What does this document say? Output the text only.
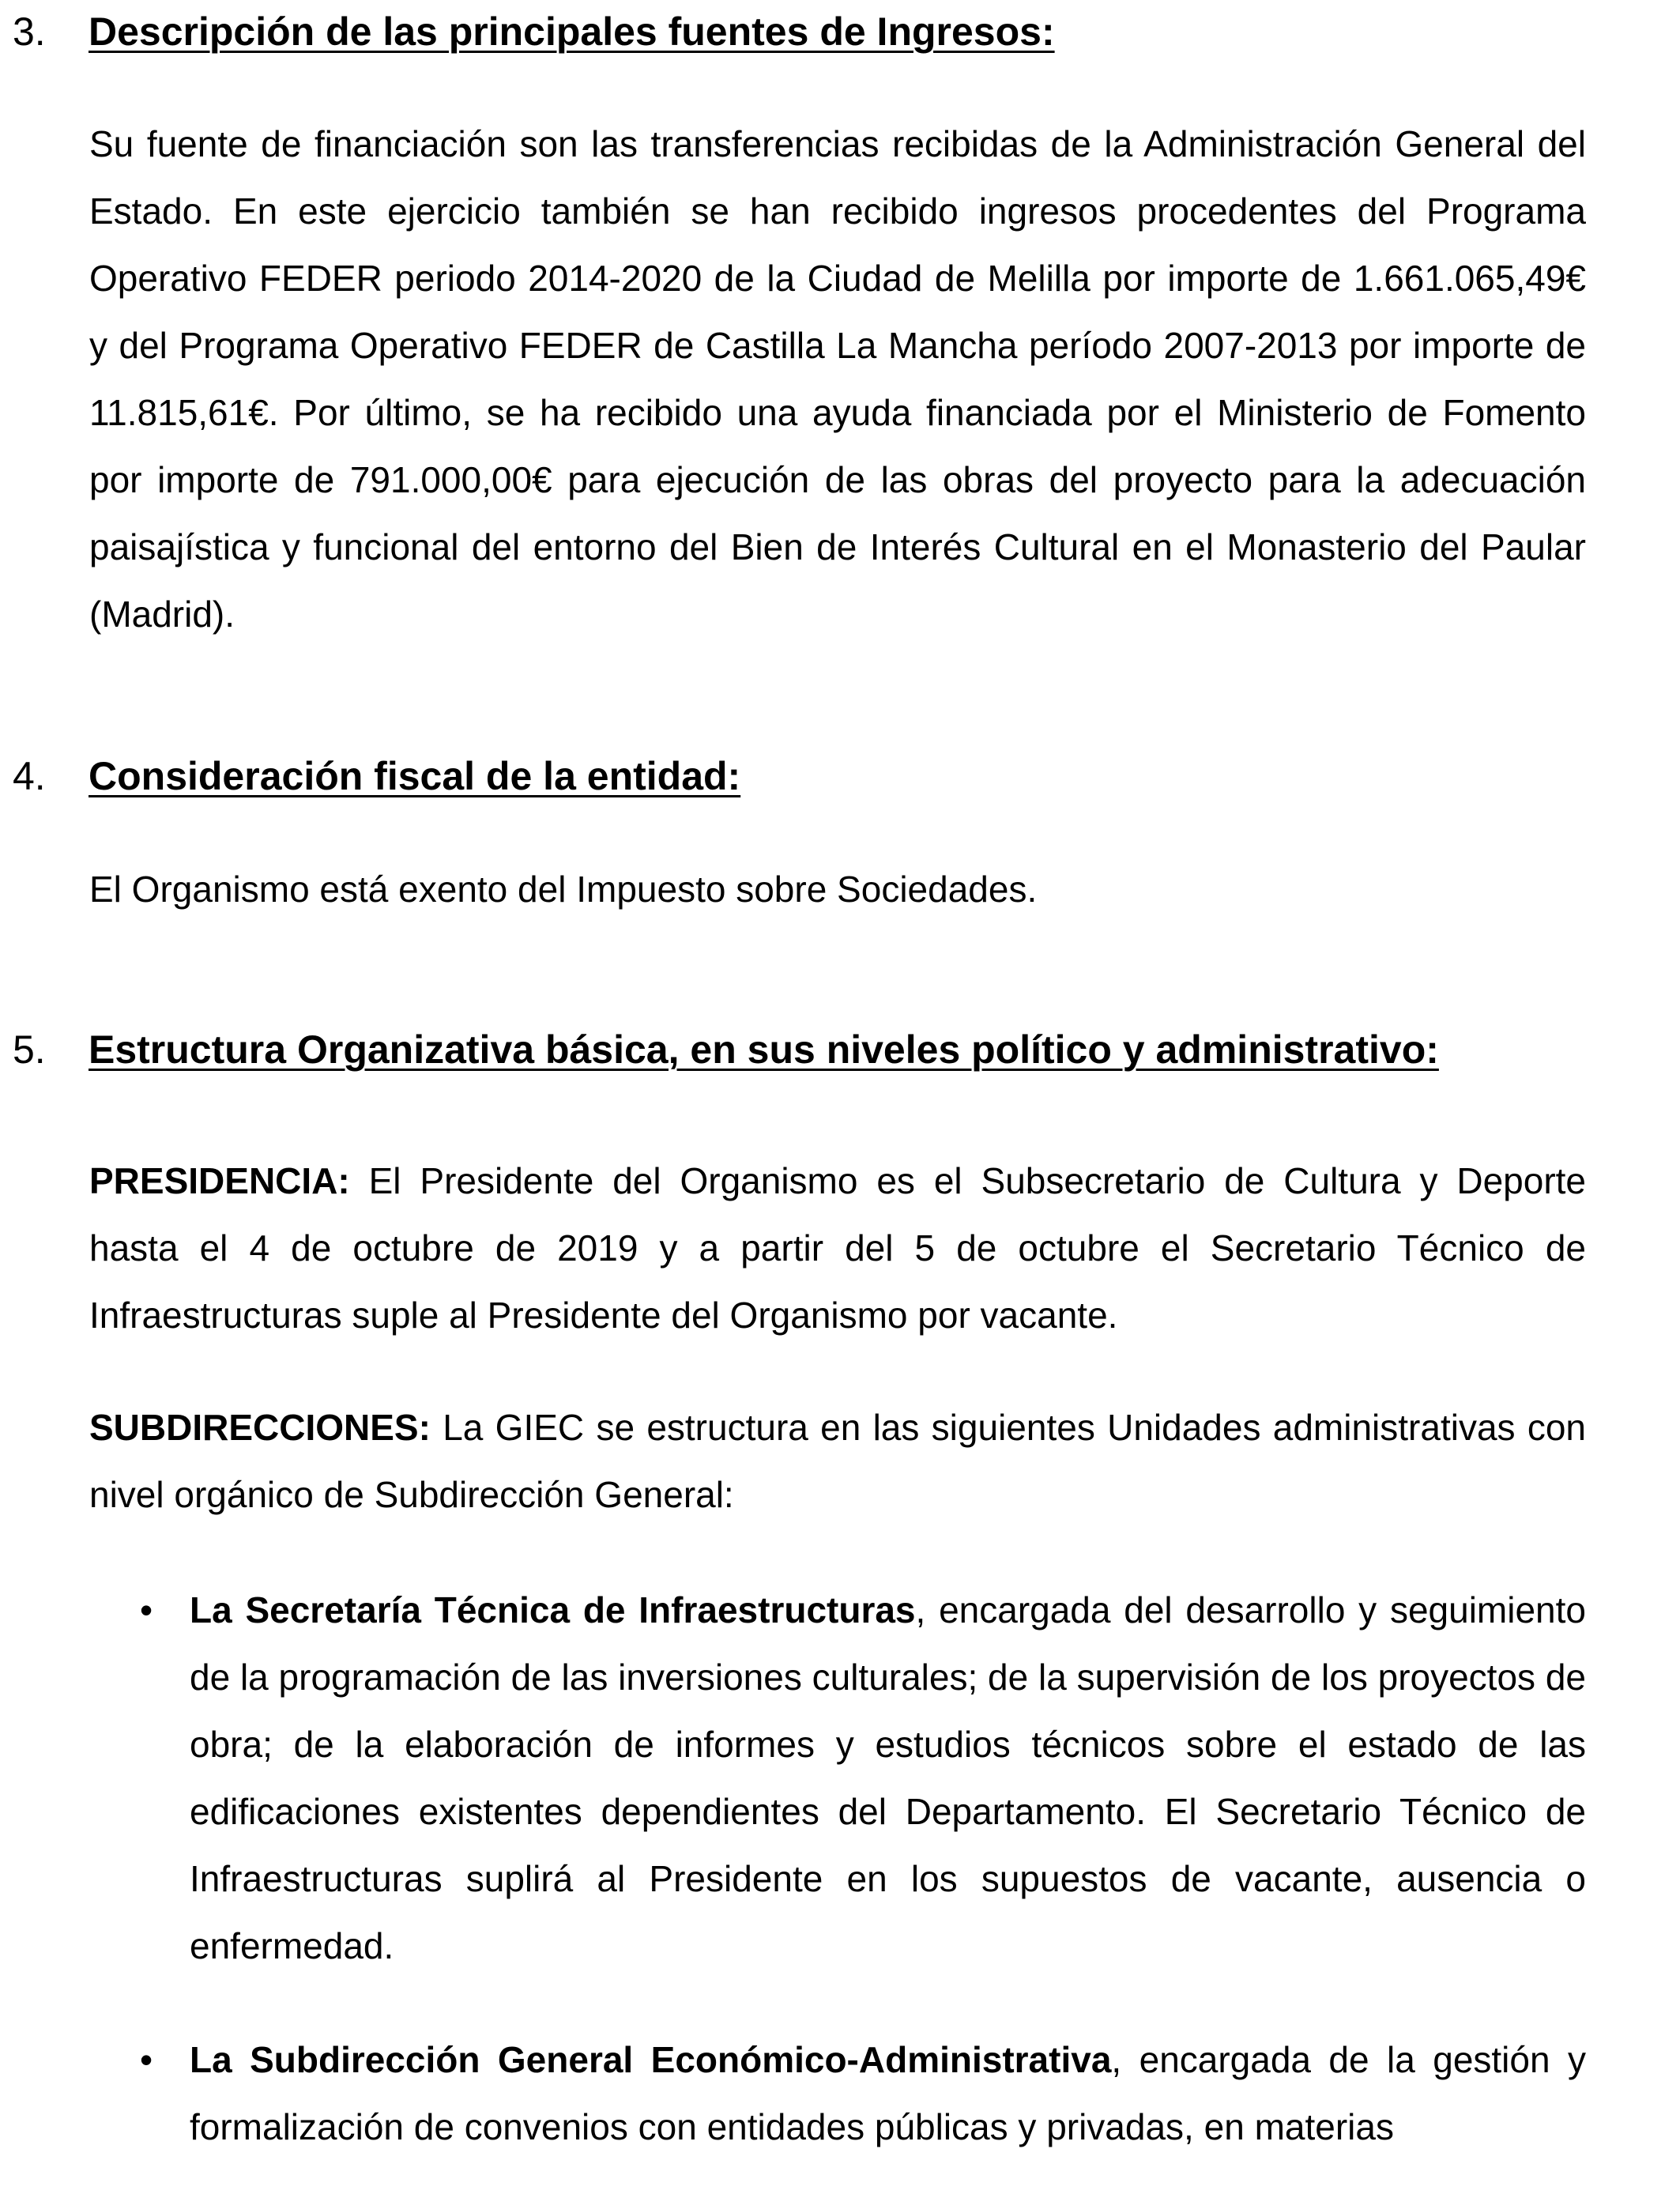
3. Descripción de las principales fuentes de Ingresos:

Su fuente de financiación son las transferencias recibidas de la Administración General del Estado. En este ejercicio también se han recibido ingresos procedentes del Programa Operativo FEDER periodo 2014-2020 de la Ciudad de Melilla por importe de 1.661.065,49€ y del Programa Operativo FEDER de Castilla La Mancha período 2007-2013 por importe de 11.815,61€. Por último, se ha recibido una ayuda financiada por el Ministerio de Fomento por importe de 791.000,00€ para ejecución de las obras del proyecto para la adecuación paisajística y funcional del entorno del Bien de Interés Cultural en el Monasterio del Paular (Madrid).

4. Consideración fiscal de la entidad:

El Organismo está exento del Impuesto sobre Sociedades.

5. Estructura Organizativa básica, en sus niveles político y administrativo:

PRESIDENCIA: El Presidente del Organismo es el Subsecretario de Cultura y Deporte hasta el 4 de octubre de 2019 y a partir del 5 de octubre el Secretario Técnico de Infraestructuras suple al Presidente del Organismo por vacante.

SUBDIRECCIONES: La GIEC se estructura en las siguientes Unidades administrativas con nivel orgánico de Subdirección General:

• La Secretaría Técnica de Infraestructuras, encargada del desarrollo y seguimiento de la programación de las inversiones culturales; de la supervisión de los proyectos de obra; de la elaboración de informes y estudios técnicos sobre el estado de las edificaciones existentes dependientes del Departamento. El Secretario Técnico de Infraestructuras suplirá al Presidente en los supuestos de vacante, ausencia o enfermedad.

• La Subdirección General Económico-Administrativa, encargada de la gestión y formalización de convenios con entidades públicas y privadas, en materias
